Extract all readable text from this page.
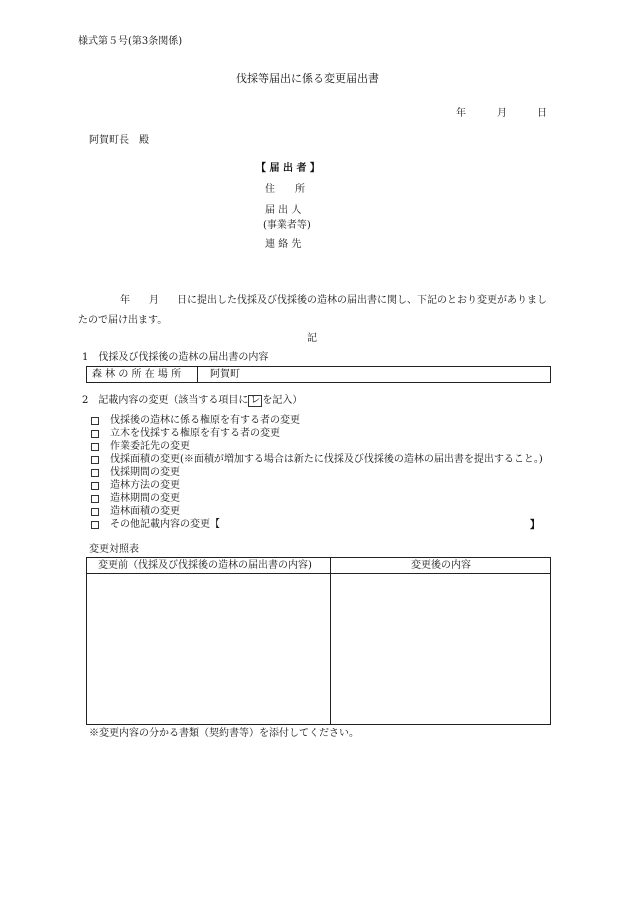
様式第５号(第3条関係)
伐採等届出に係る変更届出書
年	月	日
阿賀町長　殿
【 届 出 者 】
住　　所
届 出 人
(事業者等)
連 絡 先
年 月 日に提出した伐採及び伐採後の造林の届出書に関し、下記のとおり変更がありまし
たので届け出ます。
記
1　伐採及び伐採後の造林の届出書の内容
森 林 の 所 在 場 所	阿賀町
2　記載内容の変更（該当する項目に レ を記入）
伐採後の造林に係る権原を有する者の変更
立木を伐採する権原を有する者の変更
作業委託先の変更
伐採面積の変更(※面積が増加する場合は新たに伐採及び伐採後の造林の届出書を提出すること。)
伐採期間の変更
造林方法の変更
造林期間の変更
造林面積の変更
その他記載内容の変更【	】
変更対照表
変更前（伐採及び伐採後の造林の届出書の内容)	変更後の内容
※変更内容の分かる書類（契約書等）を添付してください。
